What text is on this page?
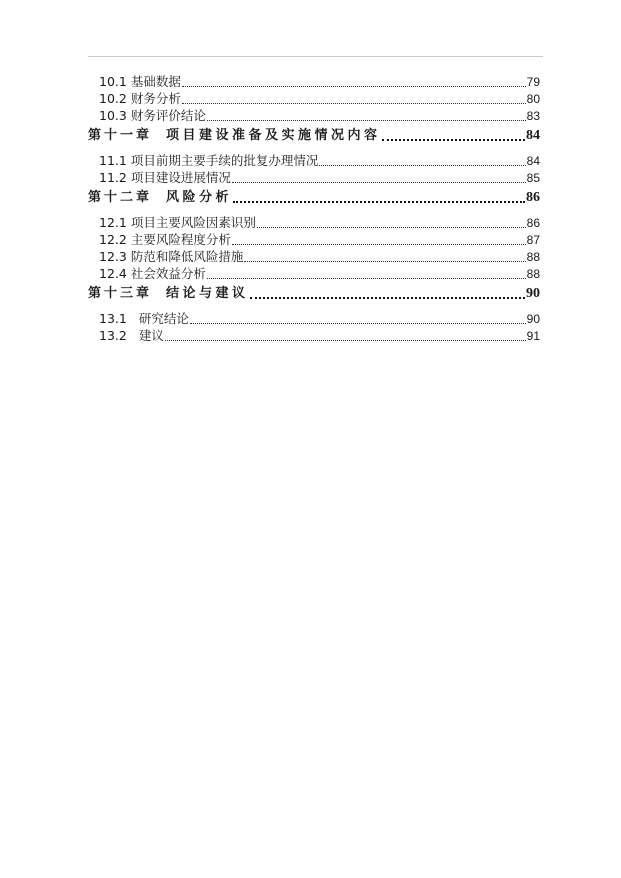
10.1 基础数据	79
10.2 财务分析	80
10.3 财务评价结论	83
第十一章 项目建设准备及实施情况内容	84
11.1 项目前期主要手续的批复办理情况	84
11.2 项目建设进展情况	85
第十二章 风险分析	86
12.1 项目主要风险因素识别	86
12.2 主要风险程度分析	87
12.3 防范和降低风险措施	88
12.4 社会效益分析	88
第十三章 结论与建议	90
13.1 研究结论	90
13.2 建议	91
